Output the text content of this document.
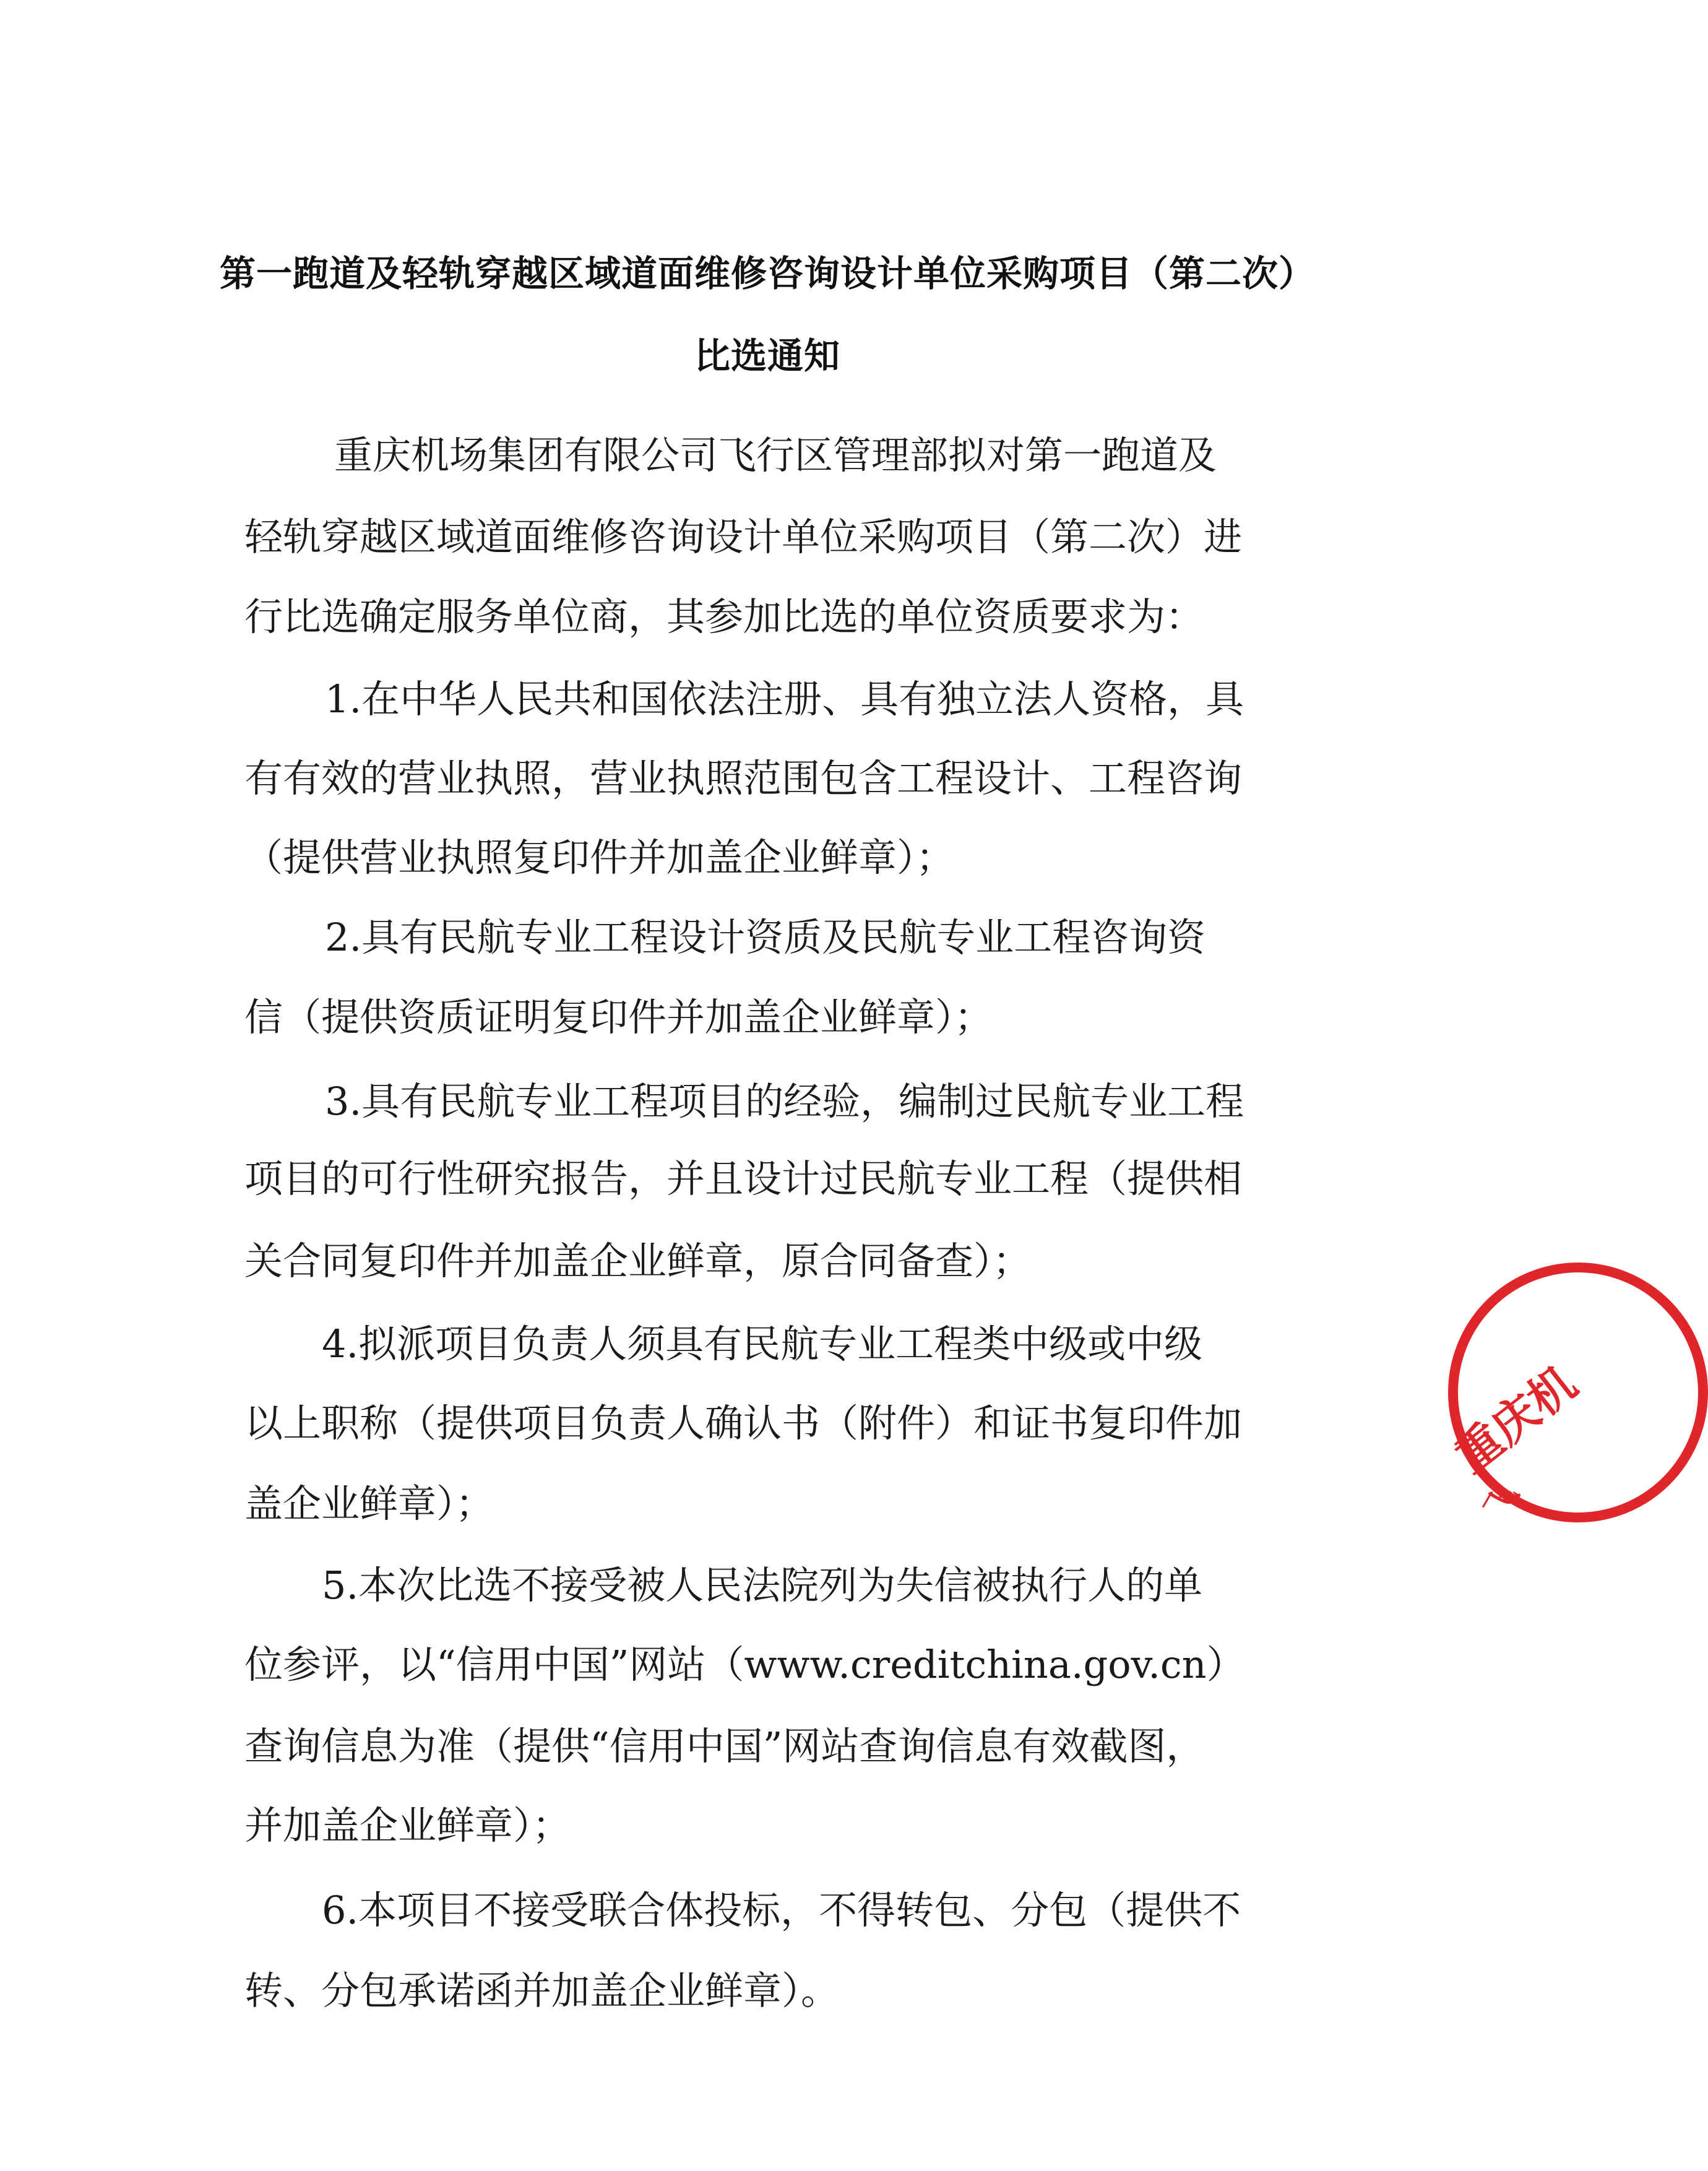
第一跑道及轻轨穿越区域道面维修咨询设计单位采购项目（第二次）
比选通知
重庆机场集团有限公司飞行区管理部拟对第一跑道及
轻轨穿越区域道面维修咨询设计单位采购项目（第二次）进
行比选确定服务单位商，其参加比选的单位资质要求为：
1.在中华人民共和国依法注册、具有独立法人资格，具
有有效的营业执照，营业执照范围包含工程设计、工程咨询
（提供营业执照复印件并加盖企业鲜章）；
2.具有民航专业工程设计资质及民航专业工程咨询资
信（提供资质证明复印件并加盖企业鲜章）；
3.具有民航专业工程项目的经验，编制过民航专业工程
项目的可行性研究报告，并且设计过民航专业工程（提供相
关合同复印件并加盖企业鲜章，原合同备查）；
4.拟派项目负责人须具有民航专业工程类中级或中级
以上职称（提供项目负责人确认书（附件）和证书复印件加
盖企业鲜章）；
5.本次比选不接受被人民法院列为失信被执行人的单
位参评，以“信用中国”网站（www.creditchina.gov.cn）
查询信息为准（提供“信用中国”网站查询信息有效截图，
并加盖企业鲜章）；
6.本项目不接受联合体投标，不得转包、分包（提供不
转、分包承诺函并加盖企业鲜章）。
重庆机
飞
